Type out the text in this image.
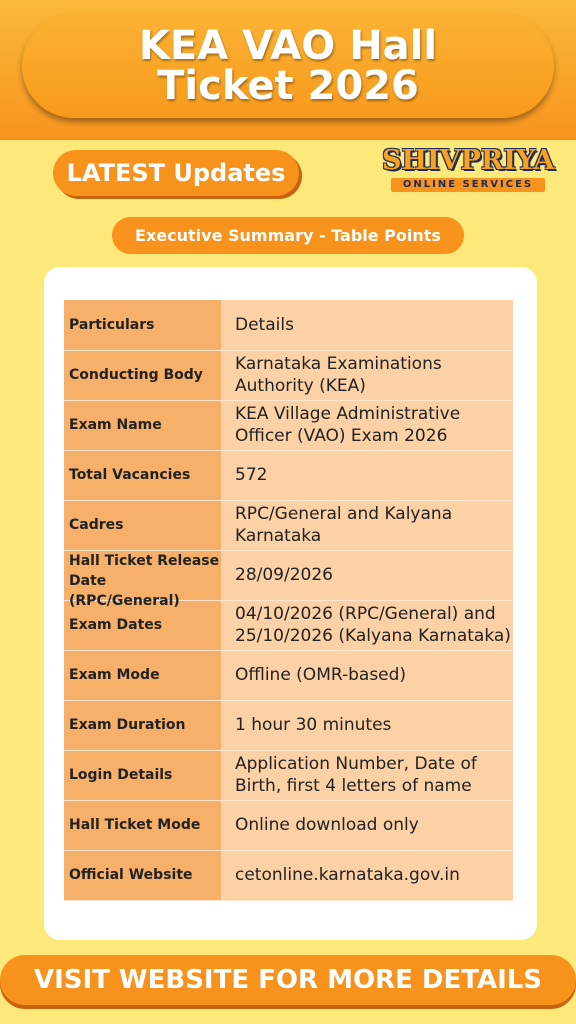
KEA VAO Hall Ticket 2026
LATEST Updates	SHIVPRIYA
ONLINE SERVICES
Executive Summary - Table Points
Particulars	Details

Conducting Body	Karnataka Examinations Authority (KEA)

Exam Name	KEA Village Administrative Officer (VAO) Exam 2026

Total Vacancies	572

Cadres	RPC/General and Kalyana Karnataka

Hall Ticket Release Date (RPC/General)	28/09/2026

Exam Dates	04/10/2026 (RPC/General) and 25/10/2026 (Kalyana Karnataka)

Exam Mode	Offline (OMR-based)

Exam Duration	1 hour 30 minutes

Login Details	Application Number, Date of Birth, first 4 letters of name

Hall Ticket Mode	Online download only

Official Website	cetonline.karnataka.gov.in
VISIT WEBSITE FOR MORE DETAILS
